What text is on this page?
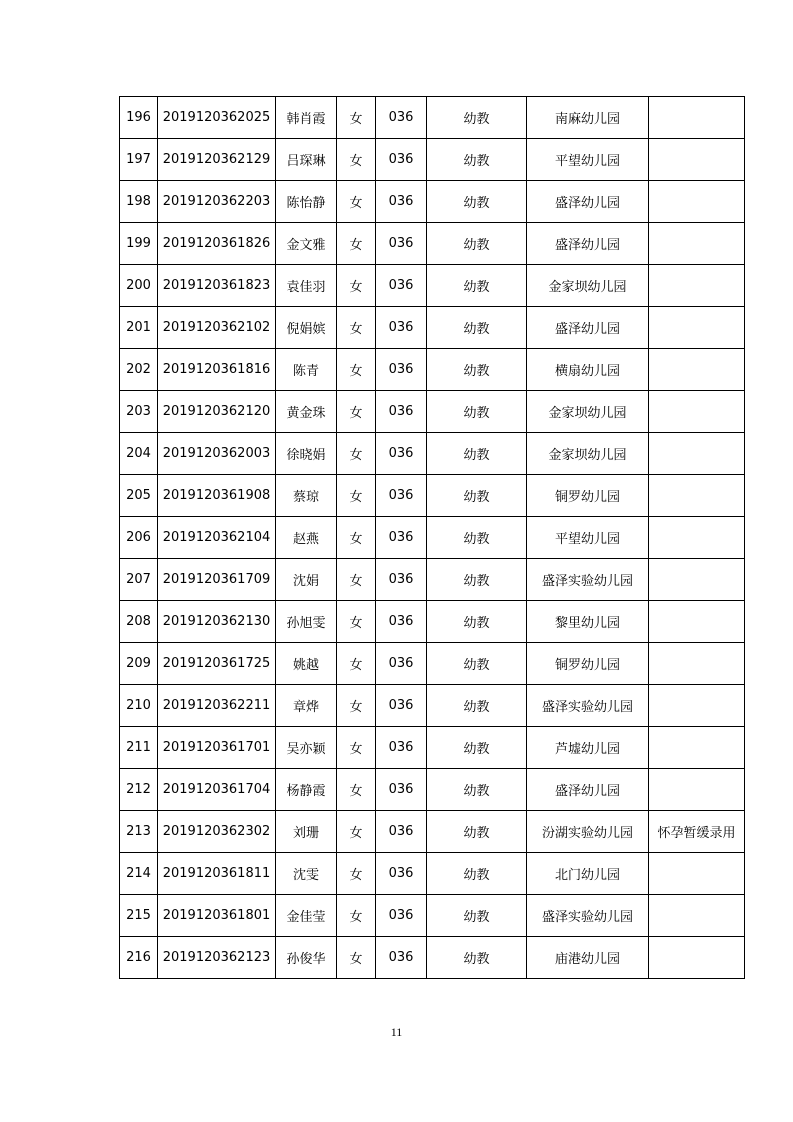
196	2019120362025	韩肖霞	女	036	幼教	南麻幼儿园	
197	2019120362129	吕琛琳	女	036	幼教	平望幼儿园	
198	2019120362203	陈怡静	女	036	幼教	盛泽幼儿园	
199	2019120361826	金文雅	女	036	幼教	盛泽幼儿园	
200	2019120361823	袁佳羽	女	036	幼教	金家坝幼儿园	
201	2019120362102	倪娟嫔	女	036	幼教	盛泽幼儿园	
202	2019120361816	陈青	女	036	幼教	横扇幼儿园	
203	2019120362120	黄金珠	女	036	幼教	金家坝幼儿园	
204	2019120362003	徐晓娟	女	036	幼教	金家坝幼儿园	
205	2019120361908	蔡琼	女	036	幼教	铜罗幼儿园	
206	2019120362104	赵燕	女	036	幼教	平望幼儿园	
207	2019120361709	沈娟	女	036	幼教	盛泽实验幼儿园	
208	2019120362130	孙旭雯	女	036	幼教	黎里幼儿园	
209	2019120361725	姚越	女	036	幼教	铜罗幼儿园	
210	2019120362211	章烨	女	036	幼教	盛泽实验幼儿园	
211	2019120361701	吴亦颖	女	036	幼教	芦墟幼儿园	
212	2019120361704	杨静霞	女	036	幼教	盛泽幼儿园	
213	2019120362302	刘珊	女	036	幼教	汾湖实验幼儿园	怀孕暂缓录用
214	2019120361811	沈雯	女	036	幼教	北门幼儿园	
215	2019120361801	金佳莹	女	036	幼教	盛泽实验幼儿园	
216	2019120362123	孙俊华	女	036	幼教	庙港幼儿园	
11
